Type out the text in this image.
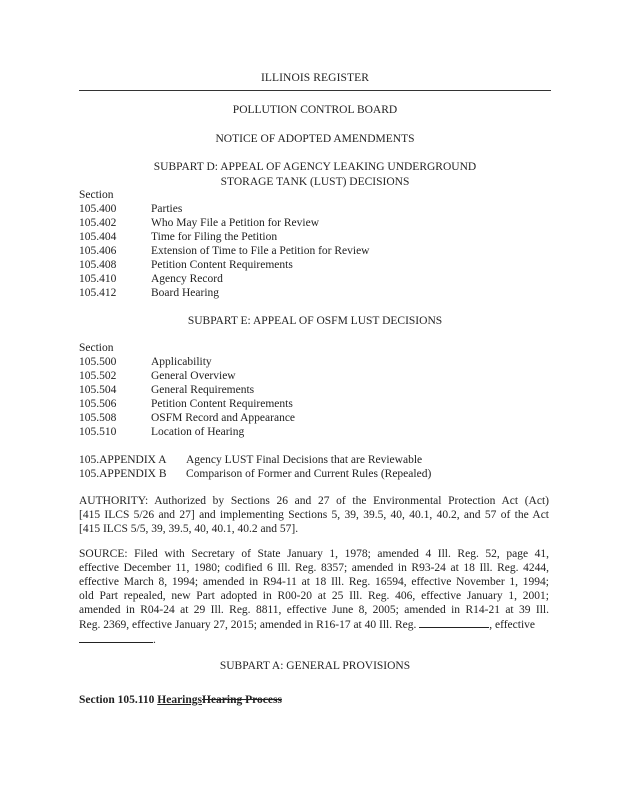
ILLINOIS REGISTER
POLLUTION CONTROL BOARD
NOTICE OF ADOPTED AMENDMENTS
SUBPART D: APPEAL OF AGENCY LEAKING UNDERGROUND
STORAGE TANK (LUST) DECISIONS
Section
105.400	Parties
105.402	Who May File a Petition for Review
105.404	Time for Filing the Petition
105.406	Extension of Time to File a Petition for Review
105.408	Petition Content Requirements
105.410	Agency Record
105.412	Board Hearing
SUBPART E: APPEAL OF OSFM LUST DECISIONS
Section
105.500	Applicability
105.502	General Overview
105.504	General Requirements
105.506	Petition Content Requirements
105.508	OSFM Record and Appearance
105.510	Location of Hearing
105.APPENDIX A Agency LUST Final Decisions that are Reviewable
105.APPENDIX B Comparison of Former and Current Rules (Repealed)
AUTHORITY: Authorized by Sections 26 and 27 of the Environmental Protection Act (Act)
[415 ILCS 5/26 and 27] and implementing Sections 5, 39, 39.5, 40, 40.1, 40.2, and 57 of the Act
[415 ILCS 5/5, 39, 39.5, 40, 40.1, 40.2 and 57].
SOURCE: Filed with Secretary of State January 1, 1978; amended 4 Ill. Reg. 52, page 41,
effective December 11, 1980; codified 6 Ill. Reg. 8357; amended in R93-24 at 18 Ill. Reg. 4244,
effective March 8, 1994; amended in R94-11 at 18 Ill. Reg. 16594, effective November 1, 1994;
old Part repealed, new Part adopted in R00-20 at 25 Ill. Reg. 406, effective January 1, 2001;
amended in R04-24 at 29 Ill. Reg. 8811, effective June 8, 2005; amended in R14-21 at 39 Ill.
Reg. 2369, effective January 27, 2015; amended in R16-17 at 40 Ill. Reg.	, effective
.
SUBPART A: GENERAL PROVISIONS
Section 105.110 HearingsHearing Process
